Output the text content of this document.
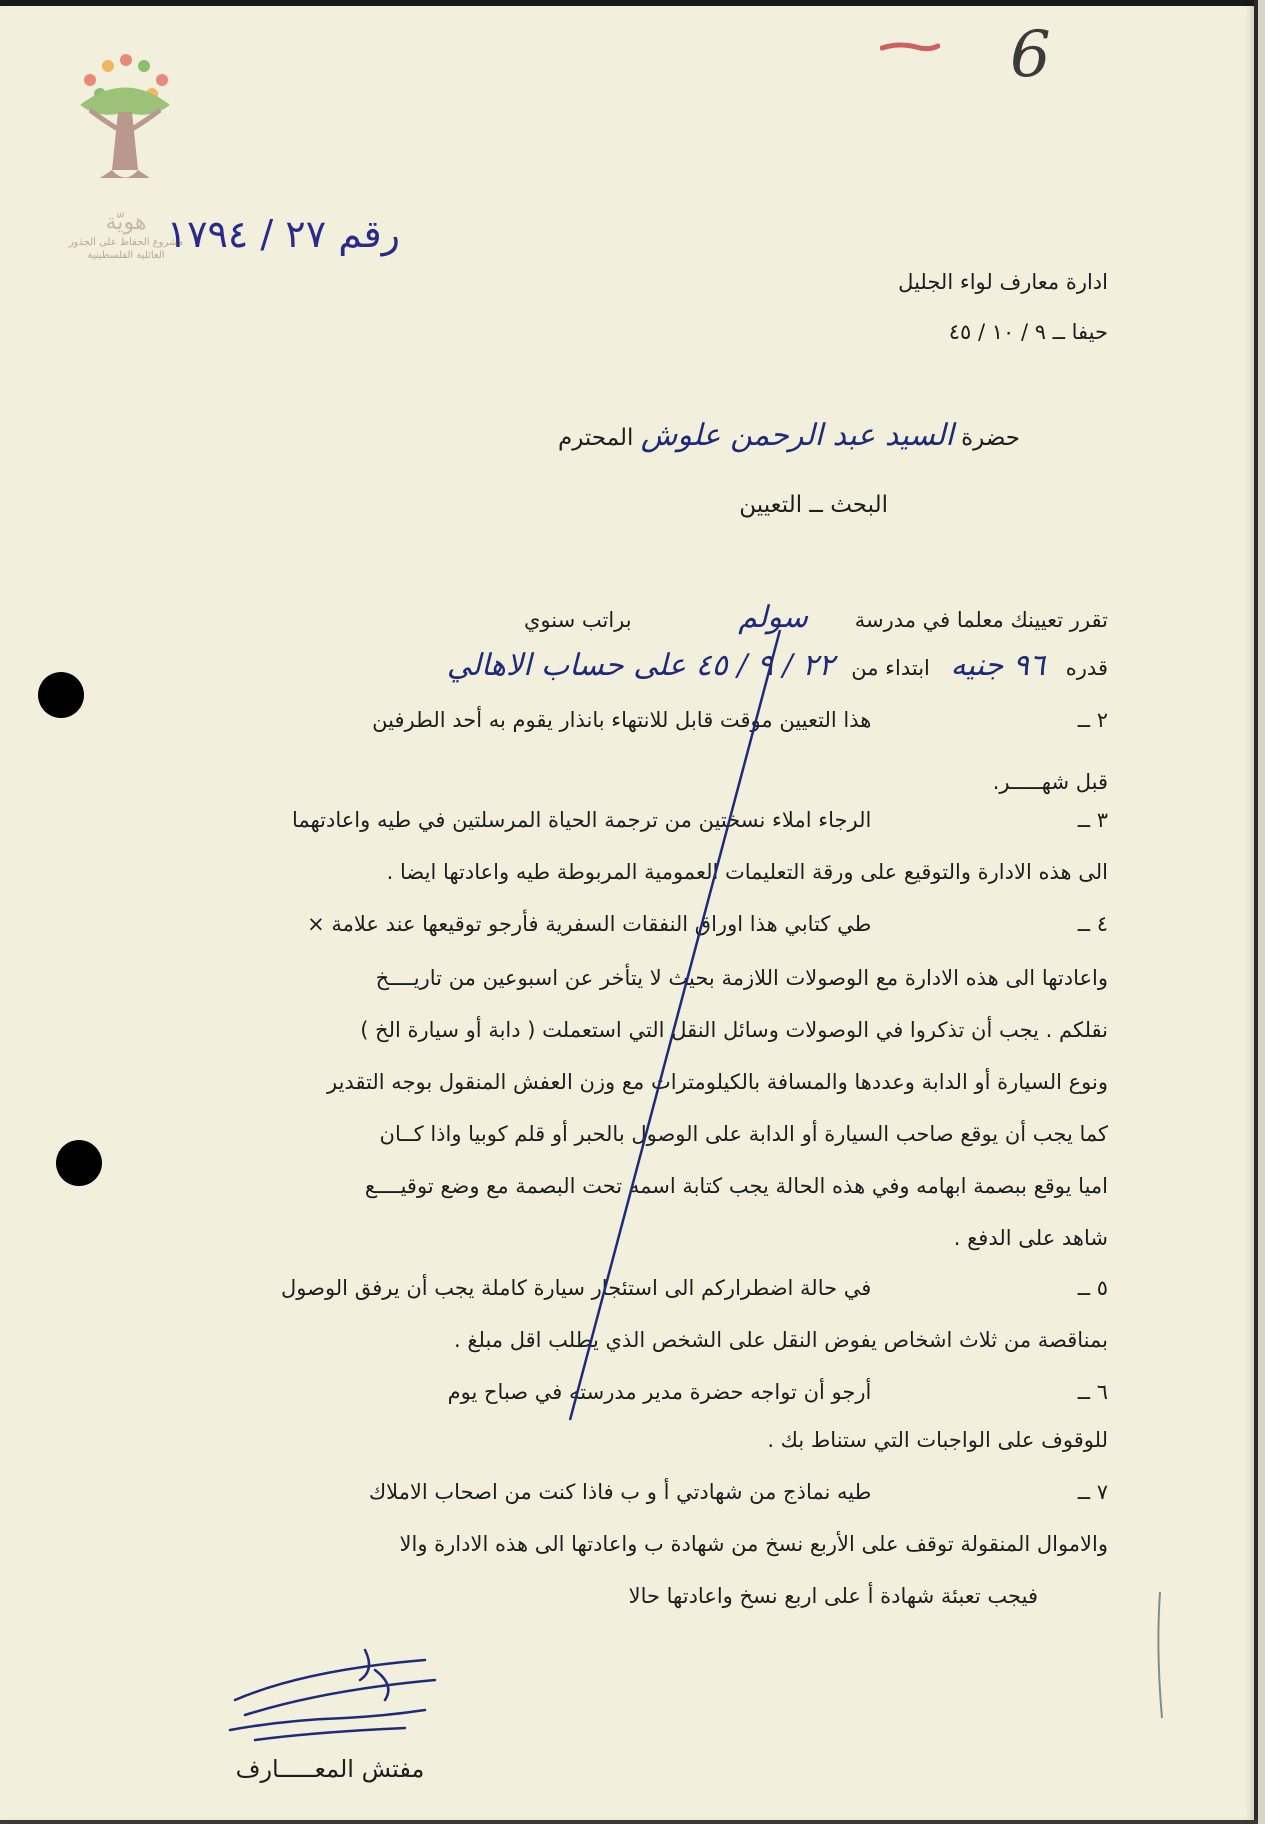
هويّة
مشروع الحفاظ على الجذور العائلية الفلسطينية
6
رقم ٢٧ / ١٧٩٤
ادارة معارف لواء الجليل
حيفا ــ ٩ / ١٠ / ٤٥
حضرة السيد عبد الرحمن علوش المحترم
البحث ــ التعيين
تقرر تعيينك معلما في مدرسة سولم براتب سنوي
قدره ٩٦ جنيه ابتداء من ٢٢ / ٩ / ٤٥ على حساب الاهالي
٢ ــ هذا التعيين موقت قابل للانتهاء بانذار يقوم به أحد الطرفين
قبل شهـــــر.
٣ ــ الرجاء املاء نسختين من ترجمة الحياة المرسلتين في طيه واعادتهما
الى هذه الادارة والتوقيع على ورقة التعليمات العمومية المربوطة طيه واعادتها ايضا .
٤ ــ طي كتابي هذا اوراق النفقات السفرية فأرجو توقيعها عند علامة ×
واعادتها الى هذه الادارة مع الوصولات اللازمة بحيث لا يتأخر عن اسبوعين من تاريــــخ
نقلكم . يجب أن تذكروا في الوصولات وسائل النقل التي استعملت ( دابة أو سيارة الخ )
ونوع السيارة أو الدابة وعددها والمسافة بالكيلومترات مع وزن العفش المنقول بوجه التقدير
كما يجب أن يوقع صاحب السيارة أو الدابة على الوصول بالحبر أو قلم كوبيا واذا كــان
اميا يوقع ببصمة ابهامه وفي هذه الحالة يجب كتابة اسمه تحت البصمة مع وضع توقيــــع
شاهد على الدفع .
٥ ــ في حالة اضطراركم الى استئجار سيارة كاملة يجب أن يرفق الوصول
بمناقصة من ثلاث اشخاص يفوض النقل على الشخص الذي يطلب اقل مبلغ .
٦ ــ أرجو أن تواجه حضرة مدير مدرسته في صباح يوم
للوقوف على الواجبات التي ستناط بك .
٧ ــ طيه نماذج من شهادتي أ و ب فاذا كنت من اصحاب الاملاك
والاموال المنقولة توقف على الأربع نسخ من شهادة ب واعادتها الى هذه الادارة والا
فيجب تعبئة شهادة أ على اربع نسخ واعادتها حالا
مفتش المعـــــارف
